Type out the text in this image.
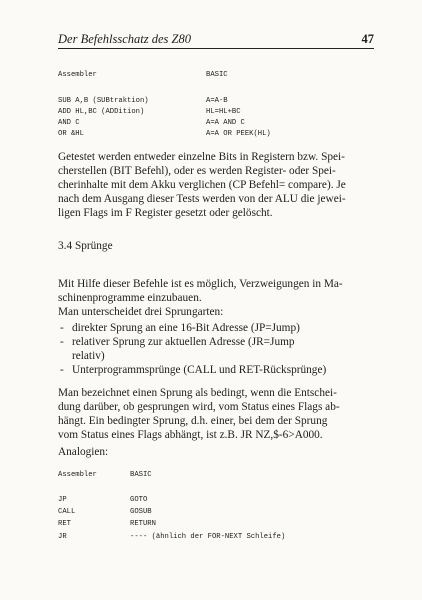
Der Befehlsschatz des Z80	47
Assembler	BASIC
SUB A,B (SUBtraktion)	A=A-B
ADD HL,BC (ADDition)	HL=HL+BC
AND C	A=A AND C
OR &HL	A=A OR PEEK(HL)
Getestet werden entweder einzelne Bits in Registern bzw. Spei-
cherstellen (BIT Befehl), oder es werden Register- oder Spei-
cherinhalte mit dem Akku verglichen (CP Befehl= compare). Je
nach dem Ausgang dieser Tests werden von der ALU die jewei-
ligen Flags im F Register gesetzt oder gelöscht.
3.4 Sprünge
Mit Hilfe dieser Befehle ist es möglich, Verzweigungen in Ma-
schinenprogramme einzubauen.
Man unterscheidet drei Sprungarten:
- direkter Sprung an eine 16-Bit Adresse (JP=Jump)
- relativer Sprung zur aktuellen Adresse (JR=Jump
relativ)
- Unterprogrammsprünge (CALL und RET-Rücksprünge)
Man bezeichnet einen Sprung als bedingt, wenn die Entschei-
dung darüber, ob gesprungen wird, vom Status eines Flags ab-
hängt. Ein bedingter Sprung, d.h. einer, bei dem der Sprung
vom Status eines Flags abhängt, ist z.B. JR NZ,$-6>A000.
Analogien:
Assembler	BASIC
JP	GOTO
CALL	GOSUB
RET	RETURN
JR	---- (ähnlich der FOR-NEXT Schleife)
